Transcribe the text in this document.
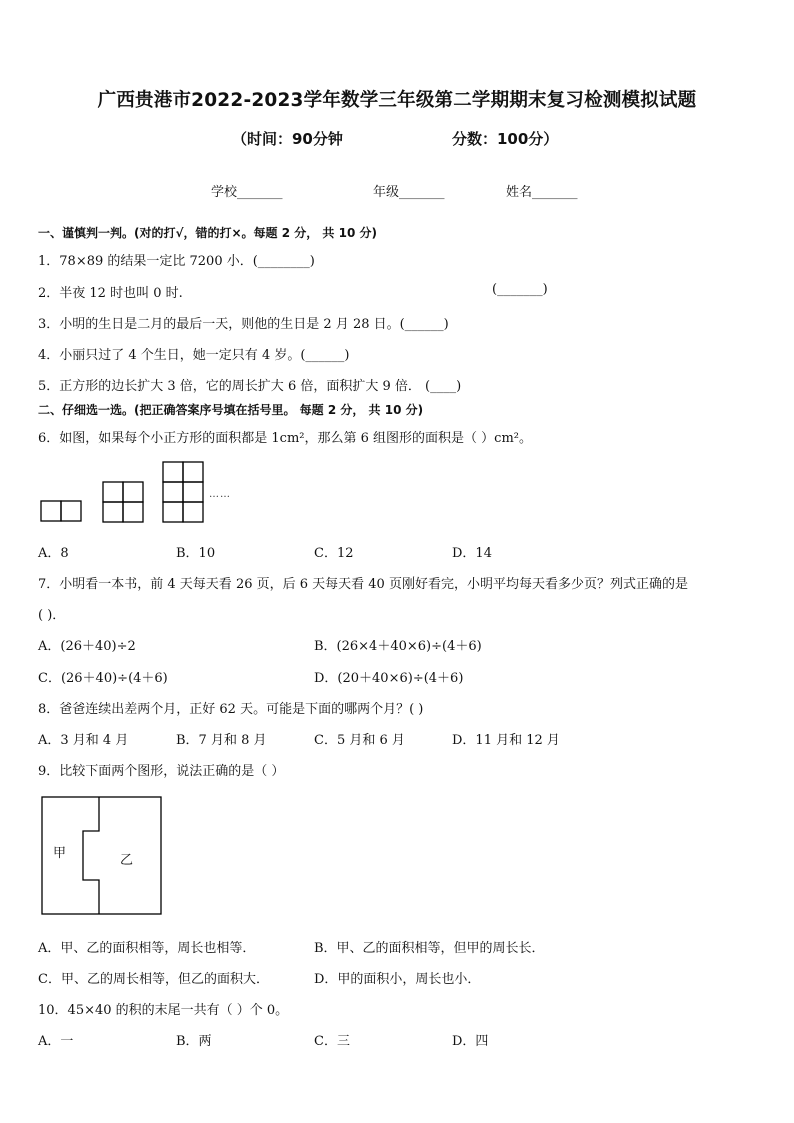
广西贵港市2022-2023学年数学三年级第二学期期末复习检测模拟试题
（时间：90分钟	分数：100分）
学校_______	年级_______	姓名_______
一、谨慎判一判。(对的打√，错的打×。每题 2 分， 共 10 分)
1．78×89 的结果一定比 7200 小．(________)
2．半夜 12 时也叫 0 时.	(_______)
3．小明的生日是二月的最后一天，则他的生日是 2 月 28 日。(______)
4．小丽只过了 4 个生日，她一定只有 4 岁。(______)
5．正方形的边长扩大 3 倍，它的周长扩大 6 倍，面积扩大 9 倍． (____)
二、仔细选一选。(把正确答案序号填在括号里。 每题 2 分， 共 10 分)
6．如图，如果每个小正方形的面积都是 1cm²，那么第 6 组图形的面积是（ ）cm²。
……
A．8	B．10	C．12	D．14
7．小明看一本书，前 4 天每天看 26 页，后 6 天每天看 40 页刚好看完，小明平均每天看多少页？列式正确的是
( )．
A．(26＋40)÷2	B．(26×4＋40×6)÷(4＋6)
C．(26＋40)÷(4＋6)	D．(20＋40×6)÷(4＋6)
8．爸爸连续出差两个月，正好 62 天。可能是下面的哪两个月？( )
A．3 月和 4 月	B．7 月和 8 月	C．5 月和 6 月	D．11 月和 12 月
9．比较下面两个图形，说法正确的是（ ）
甲	乙
A．甲、乙的面积相等，周长也相等．	B．甲、乙的面积相等，但甲的周长长．
C．甲、乙的周长相等，但乙的面积大．	D．甲的面积小，周长也小．
10．45×40 的积的末尾一共有（ ）个 0。
A．一	B．两	C．三	D．四
